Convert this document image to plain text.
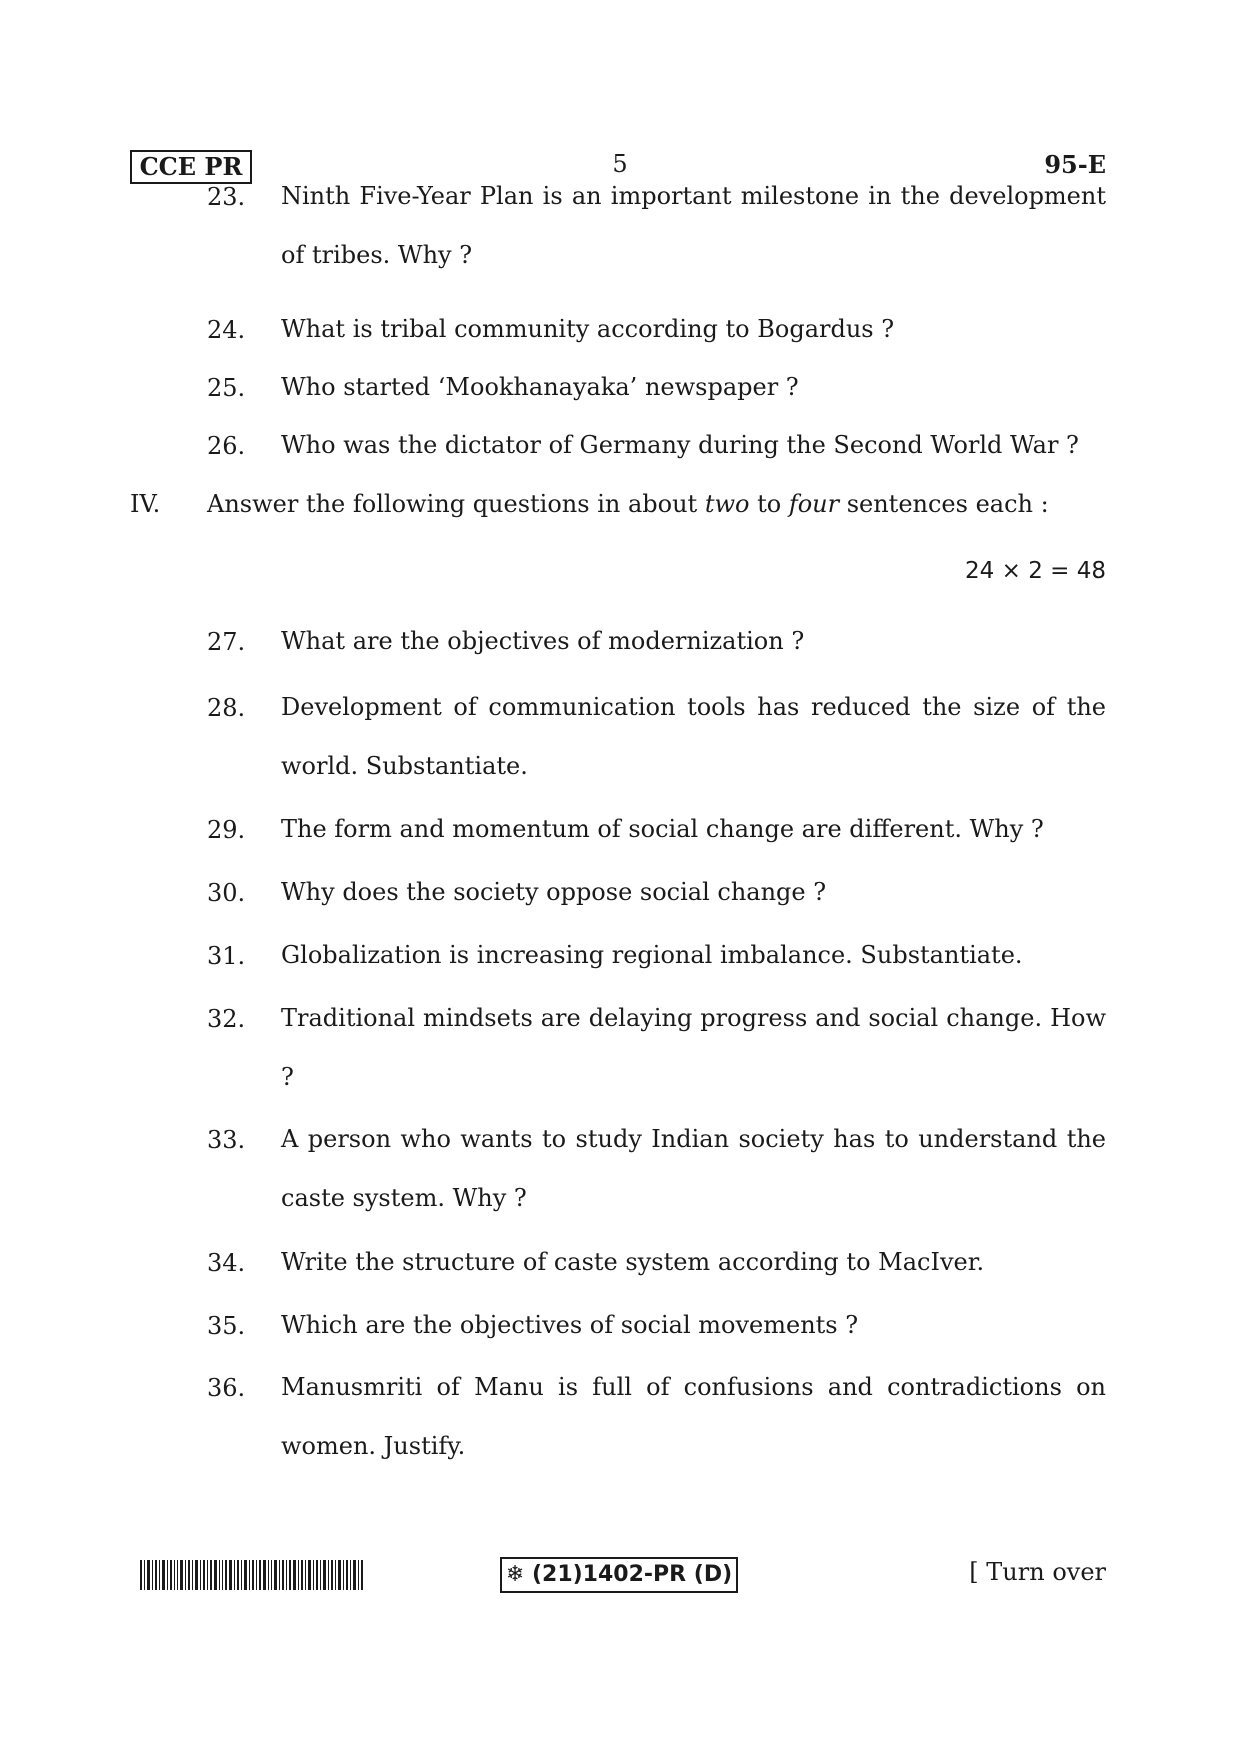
CCE PR	5	95-E
23.	Ninth Five-Year Plan is an important milestone in the development of tribes. Why ?
24.	What is tribal community according to Bogardus ?
25.	Who started ‘Mookhanayaka’ newspaper ?
26.	Who was the dictator of Germany during the Second World War ?
IV. Answer the following questions in about two to four sentences each :
24 × 2 = 48
27.	What are the objectives of modernization ?
28.	Development of communication tools has reduced the size of the world. Substantiate.
29.	The form and momentum of social change are different. Why ?
30.	Why does the society oppose social change ?
31.	Globalization is increasing regional imbalance. Substantiate.
32.	Traditional mindsets are delaying progress and social change. How ?
33.	A person who wants to study Indian society has to understand the caste system. Why ?
34.	Write the structure of caste system according to MacIver.
35.	Which are the objectives of social movements ?
36.	Manusmriti of Manu is full of confusions and contradictions on women. Justify.
❄ (21)1402-PR (D)	[ Turn over
